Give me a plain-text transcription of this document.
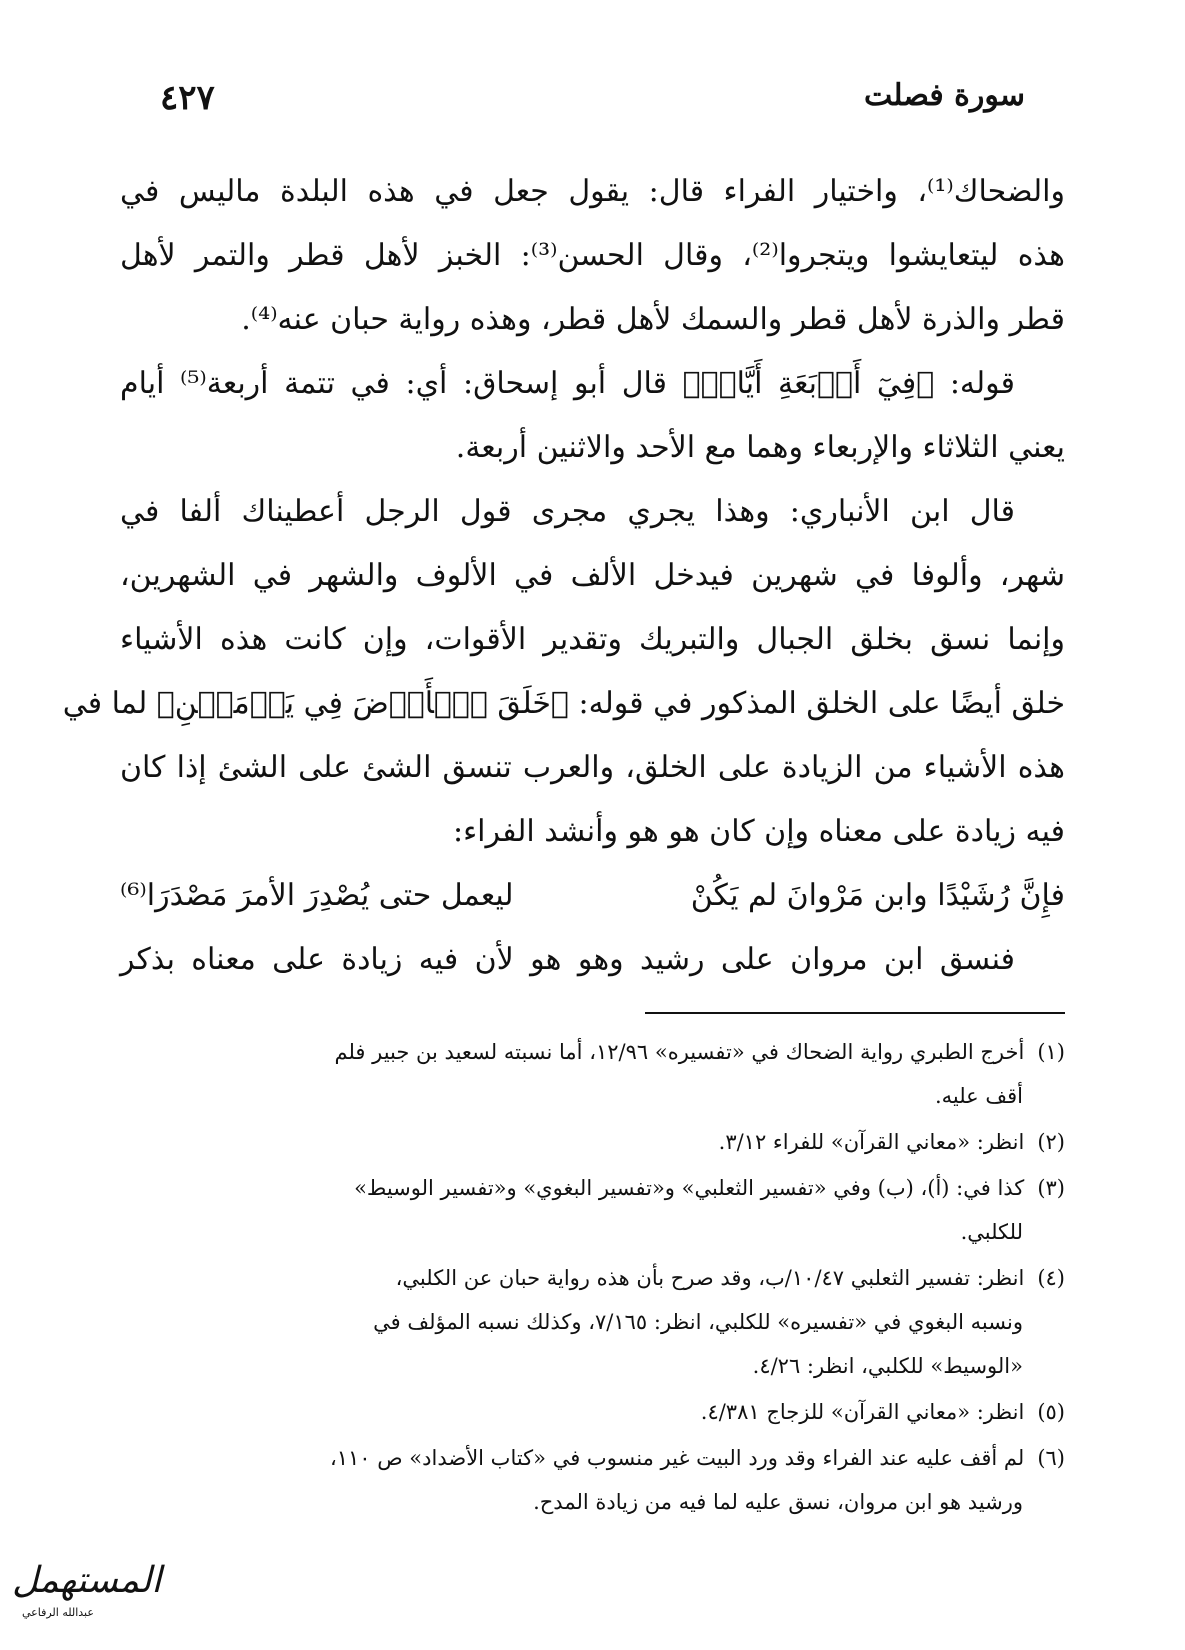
سورة فصلت
٤٢٧
والضحاك⁽¹⁾، واختيار الفراء قال: يقول جعل في هذه البلدة ماليس في
هذه ليتعايشوا ويتجروا⁽²⁾، وقال الحسن⁽³⁾: الخبز لأهل قطر والتمر لأهل
قطر والذرة لأهل قطر والسمك لأهل قطر، وهذه رواية حبان عنه⁽⁴⁾.
قوله: ﴿فِيٓ أَرۡبَعَةِ أَيَّامٖ﴾ قال أبو إسحاق: أي: في تتمة أربعة⁽⁵⁾ أيام
يعني الثلاثاء والإربعاء وهما مع الأحد والاثنين أربعة.
قال ابن الأنباري: وهذا يجري مجرى قول الرجل أعطيناك ألفا في
شهر، وألوفا في شهرين فيدخل الألف في الألوف والشهر في الشهرين،
وإنما نسق بخلق الجبال والتبريك وتقدير الأقوات، وإن كانت هذه الأشياء
خلق أيضًا على الخلق المذكور في قوله: ﴿خَلَقَ ٱلۡأَرۡضَ فِي يَوۡمَيۡنِ﴾ لما في
هذه الأشياء من الزيادة على الخلق، والعرب تنسق الشئ على الشئ إذا كان
فيه زيادة على معناه وإن كان هو هو وأنشد الفراء:
فإِنَّ رُشَيْدًا وابن مَرْوانَ لم يَكُنْ
ليعمل حتى يُصْدِرَ الأمرَ مَصْدَرَا⁽⁶⁾
فنسق ابن مروان على رشيد وهو هو لأن فيه زيادة على معناه بذكر
(١) أخرج الطبري رواية الضحاك في «تفسيره» ١٢/٩٦، أما نسبته لسعيد بن جبير فلم
أقف عليه.
(٢) انظر: «معاني القرآن» للفراء ٣/١٢.
(٣) كذا في: (أ)، (ب) وفي «تفسير الثعلبي» و«تفسير البغوي» و«تفسير الوسيط»
للكلبي.
(٤) انظر: تفسير الثعلبي ١٠/٤٧/ب، وقد صرح بأن هذه رواية حبان عن الكلبي،
ونسبه البغوي في «تفسيره» للكلبي، انظر: ٧/١٦٥، وكذلك نسبه المؤلف في
«الوسيط» للكلبي، انظر: ٤/٢٦.
(٥) انظر: «معاني القرآن» للزجاج ٤/٣٨١.
(٦) لم أقف عليه عند الفراء وقد ورد البيت غير منسوب في «كتاب الأضداد» ص ١١٠،
ورشيد هو ابن مروان، نسق عليه لما فيه من زيادة المدح.
المستهمل
عبدالله الرفاعي
